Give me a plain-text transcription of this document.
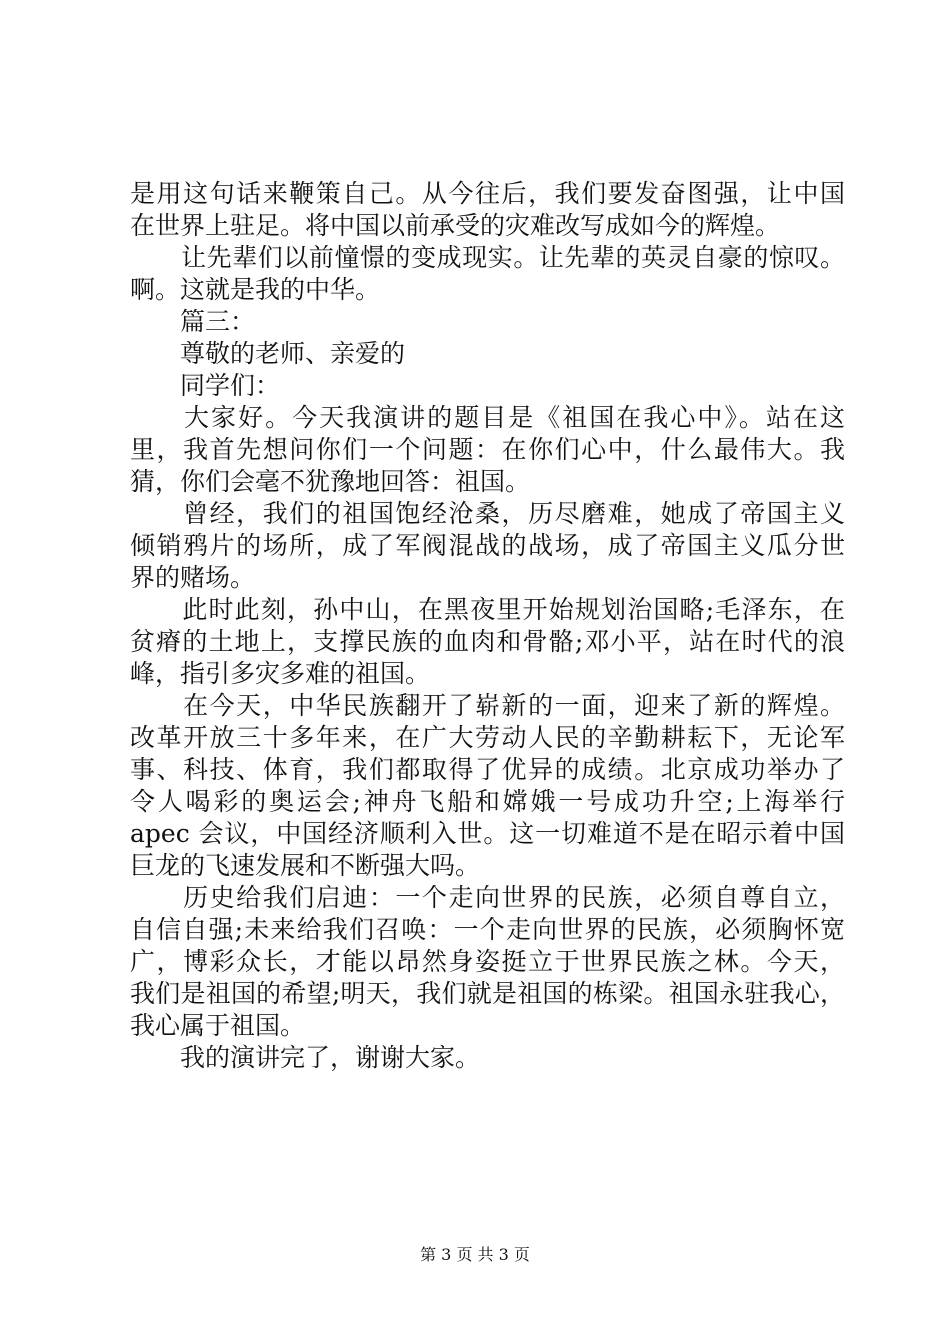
是用这句话来鞭策自己。从今往后，我们要发奋图强，让中国
在世界上驻足。将中国以前承受的灾难改写成如今的辉煌。
　　让先辈们以前憧憬的变成现实。让先辈的英灵自豪的惊叹。
啊。这就是我的中华。
　　篇三：
　　尊敬的老师、亲爱的
　　同学们：
　　大家好。今天我演讲的题目是《祖国在我心中》。站在这
里，我首先想问你们一个问题：在你们心中，什么最伟大。我
猜，你们会毫不犹豫地回答：祖国。
　　曾经，我们的祖国饱经沧桑，历尽磨难，她成了帝国主义
倾销鸦片的场所，成了军阀混战的战场，成了帝国主义瓜分世
界的赌场。
　　此时此刻，孙中山，在黑夜里开始规划治国略;毛泽东，在
贫瘠的土地上，支撑民族的血肉和骨骼;邓小平，站在时代的浪
峰，指引多灾多难的祖国。
　　在今天，中华民族翻开了崭新的一面，迎来了新的辉煌。
改革开放三十多年来，在广大劳动人民的辛勤耕耘下，无论军
事、科技、体育，我们都取得了优异的成绩。北京成功举办了
令人喝彩的奥运会;神舟飞船和嫦娥一号成功升空;上海举行
apec 会议，中国经济顺利入世。这一切难道不是在昭示着中国
巨龙的飞速发展和不断强大吗。
　　历史给我们启迪：一个走向世界的民族，必须自尊自立，
自信自强;未来给我们召唤：一个走向世界的民族，必须胸怀宽
广，博彩众长，才能以昂然身姿挺立于世界民族之林。今天，
我们是祖国的希望;明天，我们就是祖国的栋梁。祖国永驻我心，
我心属于祖国。
　　我的演讲完了，谢谢大家。
第 3 页 共 3 页
